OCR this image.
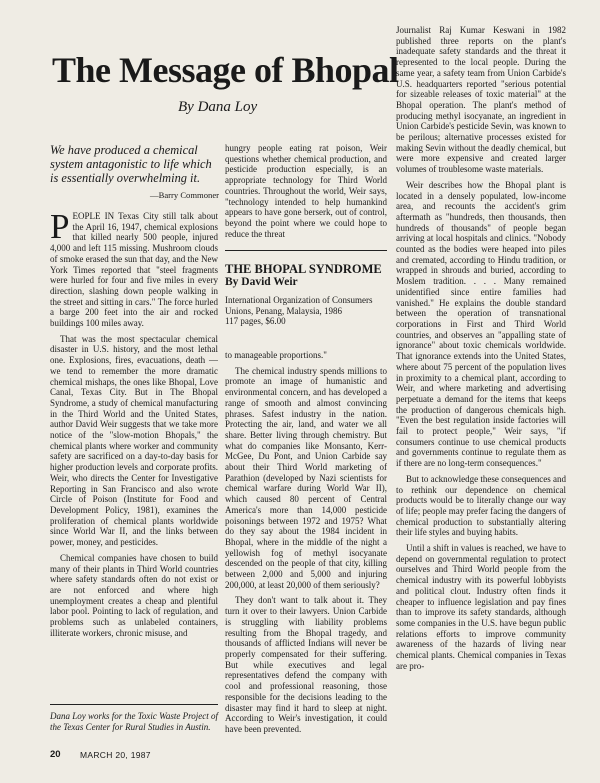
The Message of Bhopal
By Dana Loy
We have produced a chemical system antagonistic to life which is essentially overwhelming it.
—Barry Commoner

PEOPLE IN Texas City still talk about the April 16, 1947, chemical explosions that killed nearly 500 people, injured 4,000 and left 115 missing. Mushroom clouds of smoke erased the sun that day, and the New York Times reported that "steel fragments were hurled for four and five miles in every direction, slashing down people walking in the street and sitting in cars." The force hurled a barge 200 feet into the air and rocked buildings 100 miles away.

That was the most spectacular chemical disaster in U.S. history, and the most lethal one. Explosions, fires, evacuations, death — we tend to remember the more dramatic chemical mishaps, the ones like Bhopal, Love Canal, Texas City. But in The Bhopal Syndrome, a study of chemical manufacturing in the Third World and the United States, author David Weir suggests that we take more notice of the "slow-motion Bhopals," the chemical plants where worker and community safety are sacrificed on a day-to-day basis for higher production levels and corporate profits. Weir, who directs the Center for Investigative Reporting in San Francisco and also wrote Circle of Poison (Institute for Food and Development Policy, 1981), examines the proliferation of chemical plants worldwide since World War II, and the links between power, money, and pesticides.

Chemical companies have chosen to build many of their plants in Third World countries where safety standards often do not exist or are not enforced and where high unemployment creates a cheap and plentiful labor pool. Pointing to lack of regulation, and problems such as unlabeled containers, illiterate workers, chronic misuse, and

hungry people eating rat poison, Weir questions whether chemical production, and pesticide production especially, is an appropriate technology for Third World countries. Throughout the world, Weir says, "technology intended to help humankind appears to have gone berserk, out of control, beyond the point where we could hope to reduce the threat

THE BHOPAL SYNDROME
By David Weir
International Organization of Consumers Unions, Penang, Malaysia, 1986
117 pages, $6.00

to manageable proportions."

The chemical industry spends millions to promote an image of humanistic and environmental concern, and has developed a range of smooth and almost convincing phrases. Safest industry in the nation. Protecting the air, land, and water we all share. Better living through chemistry. But what do companies like Monsanto, Kerr-McGee, Du Pont, and Union Carbide say about their Third World marketing of Parathion (developed by Nazi scientists for chemical warfare during World War II), which caused 80 percent of Central America's more than 14,000 pesticide poisonings between 1972 and 1975? What do they say about the 1984 incident in Bhopal, where in the middle of the night a yellowish fog of methyl isocyanate descended on the people of that city, killing between 2,000 and 5,000 and injuring 200,000, at least 20,000 of them seriously?

They don't want to talk about it. They turn it over to their lawyers. Union Carbide is struggling with liability problems resulting from the Bhopal tragedy, and thousands of afflicted Indians will never be properly compensated for their suffering. But while executives and legal representatives defend the company with cool and professional reasoning, those responsible for the decisions leading to the disaster may find it hard to sleep at night. According to Weir's investigation, it could have been prevented.

Journalist Raj Kumar Keswani in 1982 published three reports on the plant's inadequate safety standards and the threat it represented to the local people. During the same year, a safety team from Union Carbide's U.S. headquarters reported "serious potential for sizeable releases of toxic material" at the Bhopal operation. The plant's method of producing methyl isocyanate, an ingredient in Union Carbide's pesticide Sevin, was known to be perilous; alternative processes existed for making Sevin without the deadly chemical, but were more expensive and created larger volumes of troublesome waste materials.

Weir describes how the Bhopal plant is located in a densely populated, low-income area, and recounts the accident's grim aftermath as "hundreds, then thousands, then hundreds of thousands" of people began arriving at local hospitals and clinics. "Nobody counted as the bodies were heaped into piles and cremated, according to Hindu tradition, or wrapped in shrouds and buried, according to Moslem tradition. . . . Many remained unidentified since entire families had vanished." He explains the double standard between the operation of transnational corporations in First and Third World countries, and observes an "appalling state of ignorance" about toxic chemicals worldwide. That ignorance extends into the United States, where about 75 percent of the population lives in proximity to a chemical plant, according to Weir, and where marketing and advertising perpetuate a demand for the items that keeps the production of dangerous chemicals high. "Even the best regulation inside factories will fail to protect people," Weir says, "if consumers continue to use chemical products and governments continue to regulate them as if there are no long-term consequences."

But to acknowledge these consequences and to rethink our dependence on chemical products would be to literally change our way of life; people may prefer facing the dangers of chemical production to substantially altering their life styles and buying habits.

Until a shift in values is reached, we have to depend on governmental regulation to protect ourselves and Third World people from the chemical industry with its powerful lobbyists and political clout. Industry often finds it cheaper to influence legislation and pay fines than to improve its safety standards, although some companies in the U.S. have begun public relations efforts to improve community awareness of the hazards of living near chemical plants. Chemical companies in Texas are pro-

Dana Loy works for the Toxic Waste Project of the Texas Center for Rural Studies in Austin.
20 MARCH 20, 1987
